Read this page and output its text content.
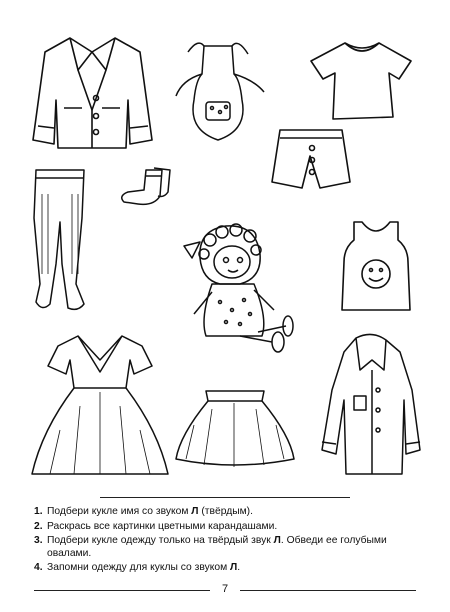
1. Подбери кукле имя со звуком Л (твёрдым).
2. Раскрась все картинки цветными карандашами.
3. Подбери кукле одежду только на твёрдый звук Л. Обведи ее голубыми овалами.
4. Запомни одежду для куклы со звуком Л.
7
